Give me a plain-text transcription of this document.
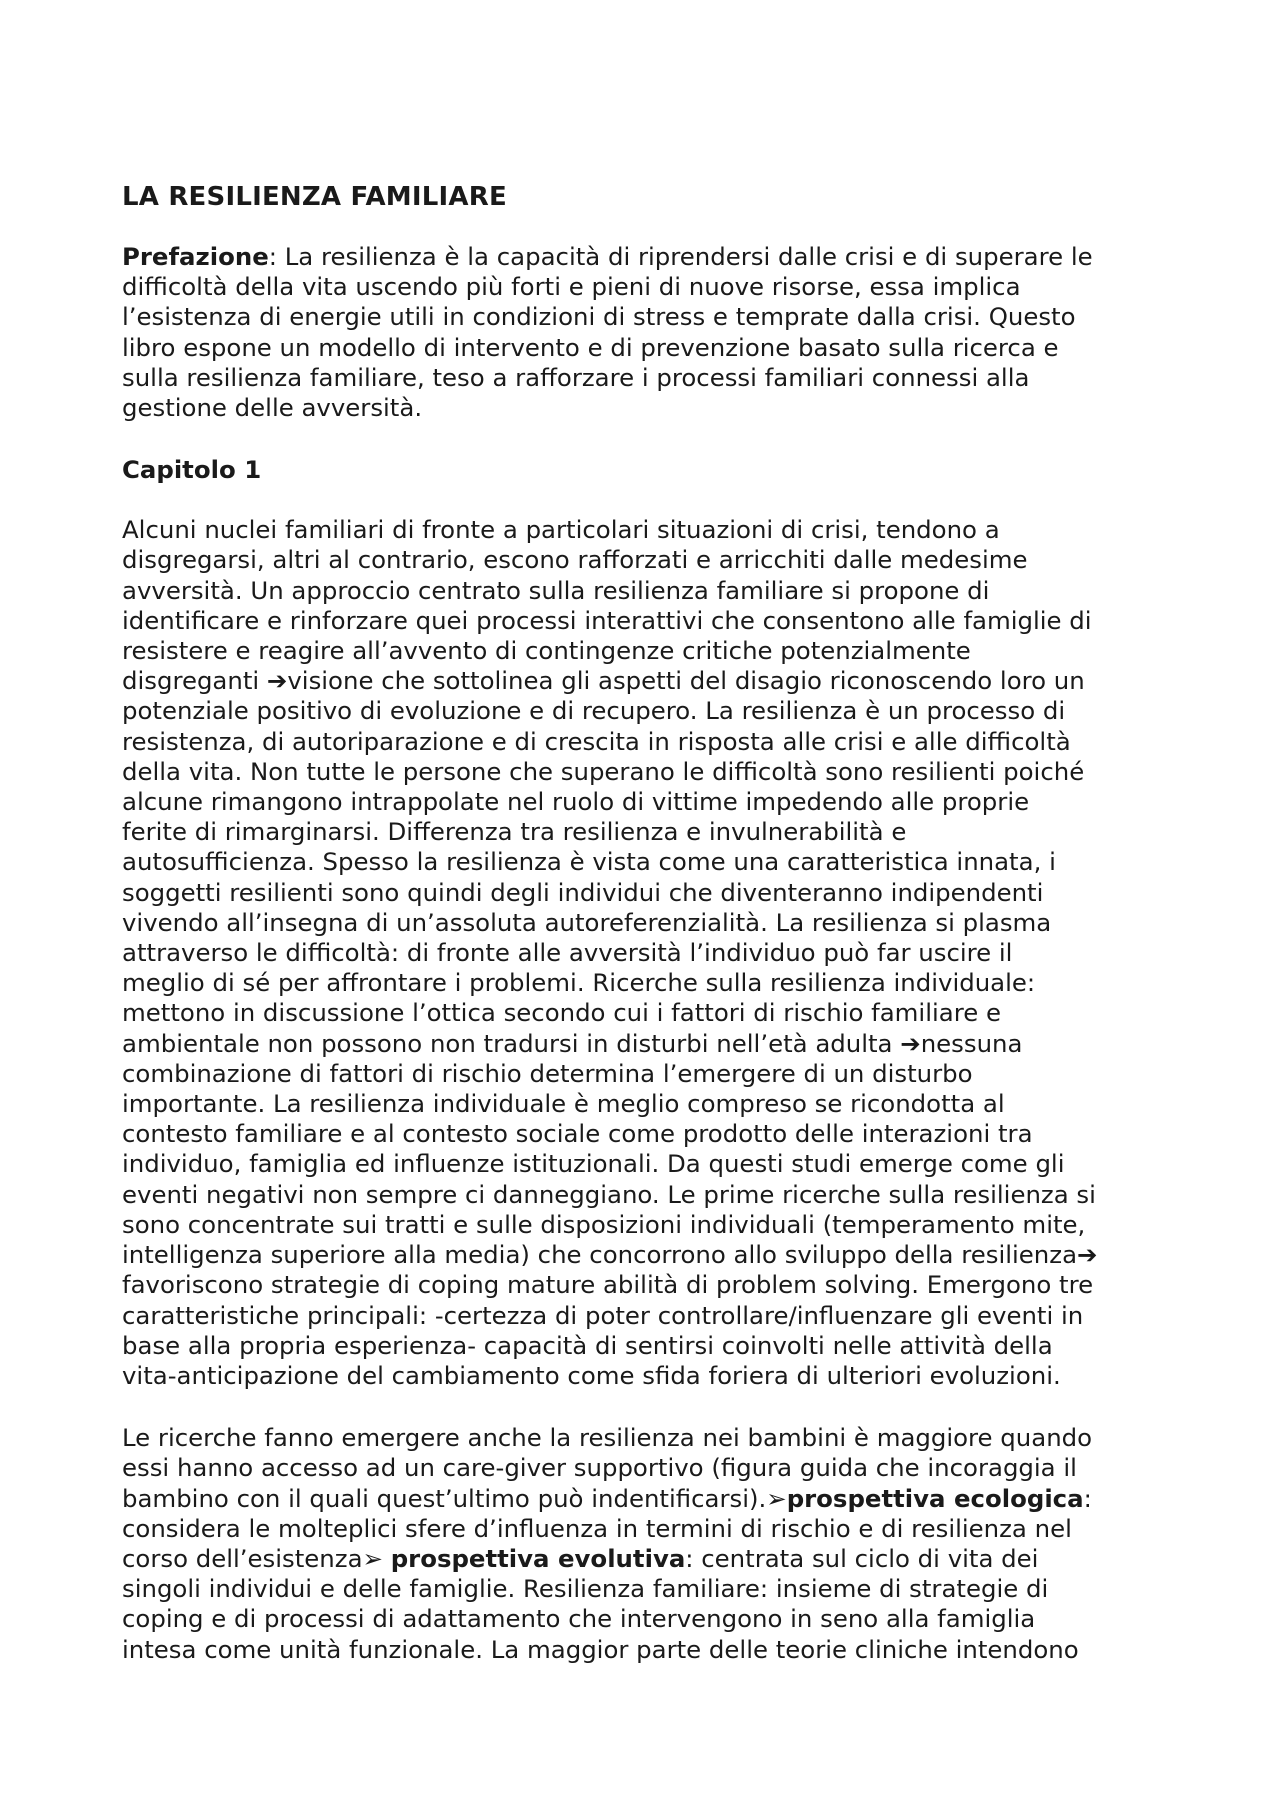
LA RESILIENZA FAMILIARE

Prefazione: La resilienza è la capacità di riprendersi dalle crisi e di superare le
difficoltà della vita uscendo più forti e pieni di nuove risorse, essa implica
l’esistenza di energie utili in condizioni di stress e temprate dalla crisi. Questo
libro espone un modello di intervento e di prevenzione basato sulla ricerca e
sulla resilienza familiare, teso a rafforzare i processi familiari connessi alla
gestione delle avversità.

Capitolo 1

Alcuni nuclei familiari di fronte a particolari situazioni di crisi, tendono a
disgregarsi, altri al contrario, escono rafforzati e arricchiti dalle medesime
avversità. Un approccio centrato sulla resilienza familiare si propone di
identificare e rinforzare quei processi interattivi che consentono alle famiglie di
resistere e reagire all’avvento di contingenze critiche potenzialmente
disgreganti ➔visione che sottolinea gli aspetti del disagio riconoscendo loro un
potenziale positivo di evoluzione e di recupero. La resilienza è un processo di
resistenza, di autoriparazione e di crescita in risposta alle crisi e alle difficoltà
della vita. Non tutte le persone che superano le difficoltà sono resilienti poiché
alcune rimangono intrappolate nel ruolo di vittime impedendo alle proprie
ferite di rimarginarsi. Differenza tra resilienza e invulnerabilità e
autosufficienza. Spesso la resilienza è vista come una caratteristica innata, i
soggetti resilienti sono quindi degli individui che diventeranno indipendenti
vivendo all’insegna di un’assoluta autoreferenzialità. La resilienza si plasma
attraverso le difficoltà: di fronte alle avversità l’individuo può far uscire il
meglio di sé per affrontare i problemi. Ricerche sulla resilienza individuale:
mettono in discussione l’ottica secondo cui i fattori di rischio familiare e
ambientale non possono non tradursi in disturbi nell’età adulta ➔nessuna
combinazione di fattori di rischio determina l’emergere di un disturbo
importante. La resilienza individuale è meglio compreso se ricondotta al
contesto familiare e al contesto sociale come prodotto delle interazioni tra
individuo, famiglia ed influenze istituzionali. Da questi studi emerge come gli
eventi negativi non sempre ci danneggiano. Le prime ricerche sulla resilienza si
sono concentrate sui tratti e sulle disposizioni individuali (temperamento mite,
intelligenza superiore alla media) che concorrono allo sviluppo della resilienza➔
favoriscono strategie di coping mature abilità di problem solving. Emergono tre
caratteristiche principali: -certezza di poter controllare/influenzare gli eventi in
base alla propria esperienza- capacità di sentirsi coinvolti nelle attività della
vita-anticipazione del cambiamento come sfida foriera di ulteriori evoluzioni.

Le ricerche fanno emergere anche la resilienza nei bambini è maggiore quando
essi hanno accesso ad un care-giver supportivo (figura guida che incoraggia il
bambino con il quali quest’ultimo può indentificarsi).➢prospettiva ecologica:
considera le molteplici sfere d’influenza in termini di rischio e di resilienza nel
corso dell’esistenza➢ prospettiva evolutiva: centrata sul ciclo di vita dei
singoli individui e delle famiglie. Resilienza familiare: insieme di strategie di
coping e di processi di adattamento che intervengono in seno alla famiglia
intesa come unità funzionale. La maggior parte delle teorie cliniche intendono
